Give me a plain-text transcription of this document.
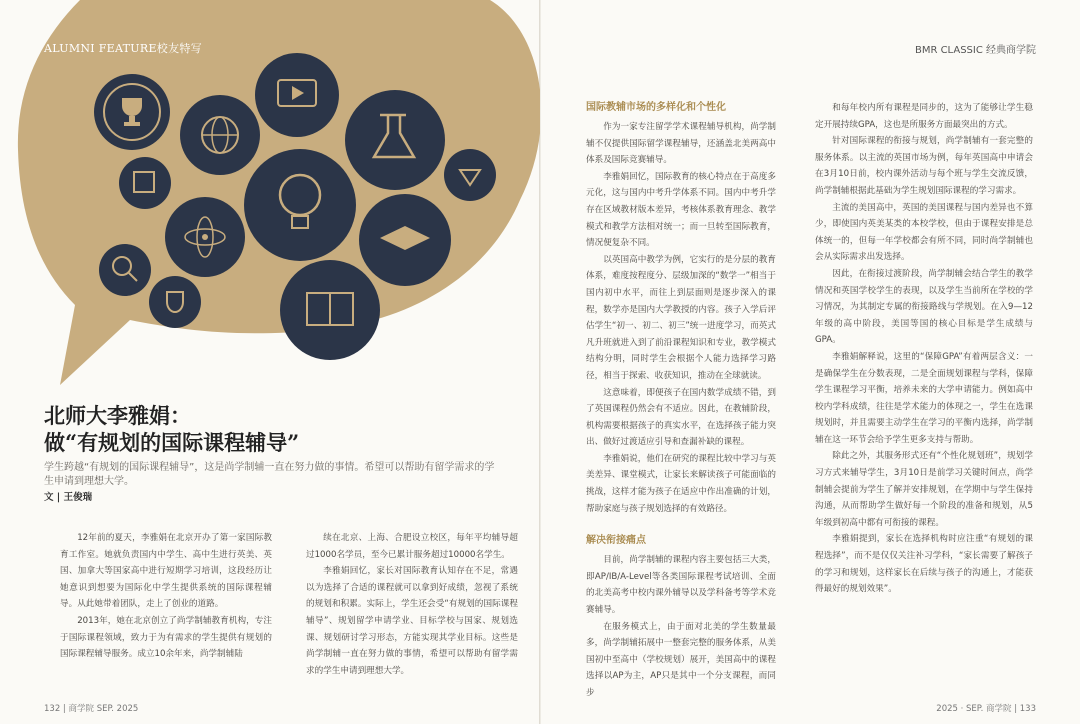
ALUMNI FEATURE校友特写	BMR CLASSIC 经典商学院
北师大李雅娟：
做“有规划的国际课程辅导”
学生跨越“有规划的国际课程辅导”，这是尚学制辅一直在努力做的事情。希望可以帮助有留学需求的学生申请到理想大学。
文 | 王俊瑞

12年前的夏天，李雅娟在北京开办了第一家国际教育工作室。她就负责国内中学生、高中生进行英美、英国、加拿大等国家高中进行短期学习培训，这段经历让她意识到想要为国际化中学生提供系统的国际课程辅导。从此她带着团队，走上了创业的道路。

2013年，她在北京创立了尚学制辅教育机构，专注于国际课程领域，致力于为有需求的学生提供有规划的国际课程辅导服务。成立10余年来，尚学制辅陆

续在北京、上海、合肥设立校区，每年平均辅导超过1000名学员，至今已累计服务超过10000名学生。

李雅娟回忆，家长对国际教育认知存在不足，常遇以为选择了合适的课程就可以拿到好成绩，忽视了系统的规划和积累。实际上，学生还会受“有规划的国际课程辅导”、规划留学申请学业、目标学校与国家、规划选课、规划研讨学习形态，方能实现其学业目标。这些是尚学制辅一直在努力做的事情，希望可以帮助有留学需求的学生申请到理想大学。

国际教辅市场的多样化和个性化

作为一家专注留学学术课程辅导机构，尚学制辅不仅提供国际留学课程辅导，还涵盖北美两高中体系及国际竞赛辅导。

李雅娟回忆，国际教育的核心特点在于高度多元化，这与国内中考升学体系不同。国内中考升学存在区域教材版本差异，考核体系教育理念、教学模式和教学方法相对统一；而一旦转至国际教育，情况便复杂不同。

以英国高中教学为例，它实行的是分层的教育体系，难度按程度分、层级加深的“数学一”相当于国内初中水平，而往上到层面则是逐步深入的课程，数学亦是国内大学教授的内容。孩子入学后评估学生“初一、初二、初三”统一进度学习，而英式凡升班就进入到了前沿课程知识和专业，教学模式结构分明，同时学生会根据个人能力选择学习路径，相当于探索、收获知识，推动在全球就读。

这意味着，即便孩子在国内数学成绩不错，到了英国课程仍然会有不适应。因此，在教辅阶段，机构需要根据孩子的真实水平，在选择孩子能力突出、做好过渡适应引导和查漏补缺的课程。

李雅娟说，他们在研究的课程比较中学习与英美差异、课堂模式，让家长来解读孩子可能面临的挑战，这样才能为孩子在适应中作出准确的计划，帮助家庭与孩子规划选择的有效路径。

解决衔接痛点

目前，尚学制辅的课程内容主要包括三大类，即AP/IB/A-Level等各类国际课程考试培训、全面的北美高考中校内课外辅导以及学科备考等学术竞赛辅导。

在服务模式上，由于面对北美的学生数量最多，尚学制辅拓展中一整套完整的服务体系，从美国初中至高中（学校规划）展开，美国高中的课程选择以AP为主，AP只是其中一个分支课程，而同步

和每年校内所有课程是同步的，这为了能够让学生稳定开展持续GPA，这也是所服务方面最突出的方式。

针对国际课程的衔接与规划，尚学制辅有一套完整的服务体系。以主流的英国市场为例，每年英国高中申请会在3月10日前，校内课外活动与每个班与学生交流反馈，尚学制辅根据此基础为学生规划国际课程的学习需求。

主流的美国高中，英国的美国课程与国内差异也不算少，即使国内英美某类的本校学校，但由于课程安排是总体统一的，但每一年学校都会有所不同，同时尚学制辅也会从实际需求出发选择。

因此，在衔接过渡阶段，尚学制辅会结合学生的教学情况和英国学校学生的表现，以及学生当前所在学校的学习情况，为其制定专属的衔接路线与学规划。在入9—12年级的高中阶段，美国等国的核心目标是学生成绩与GPA。

李雅娟解释说，这里的“保障GPA”有着两层含义：一是确保学生在分数表现，二是全面规划课程与学科，保障学生课程学习平衡，培养未来的大学申请能力。例如高中校内学科成绩，往往是学术能力的体现之一，学生在选课规划时，并且需要主动学生在学习的平衡内选择，尚学制辅在这一环节会给予学生更多支持与帮助。

除此之外，其服务形式还有“个性化规划班”，规划学习方式来辅导学生，3月10日是前学习关键时间点，尚学制辅会提前为学生了解并安排规划，在学期中与学生保持沟通，从而帮助学生做好每一个阶段的准备和规划，从5年级到初高中都有可衔接的课程。

李雅娟提到，家长在选择机构时应注重“有规划的课程选择”，而不是仅仅关注补习学科，“家长需要了解孩子的学习和规划，这样家长在后续与孩子的沟通上，才能获得最好的规划效果”。

132 | 商学院 SEP. 2025	2025 · SEP. 商学院 | 133
